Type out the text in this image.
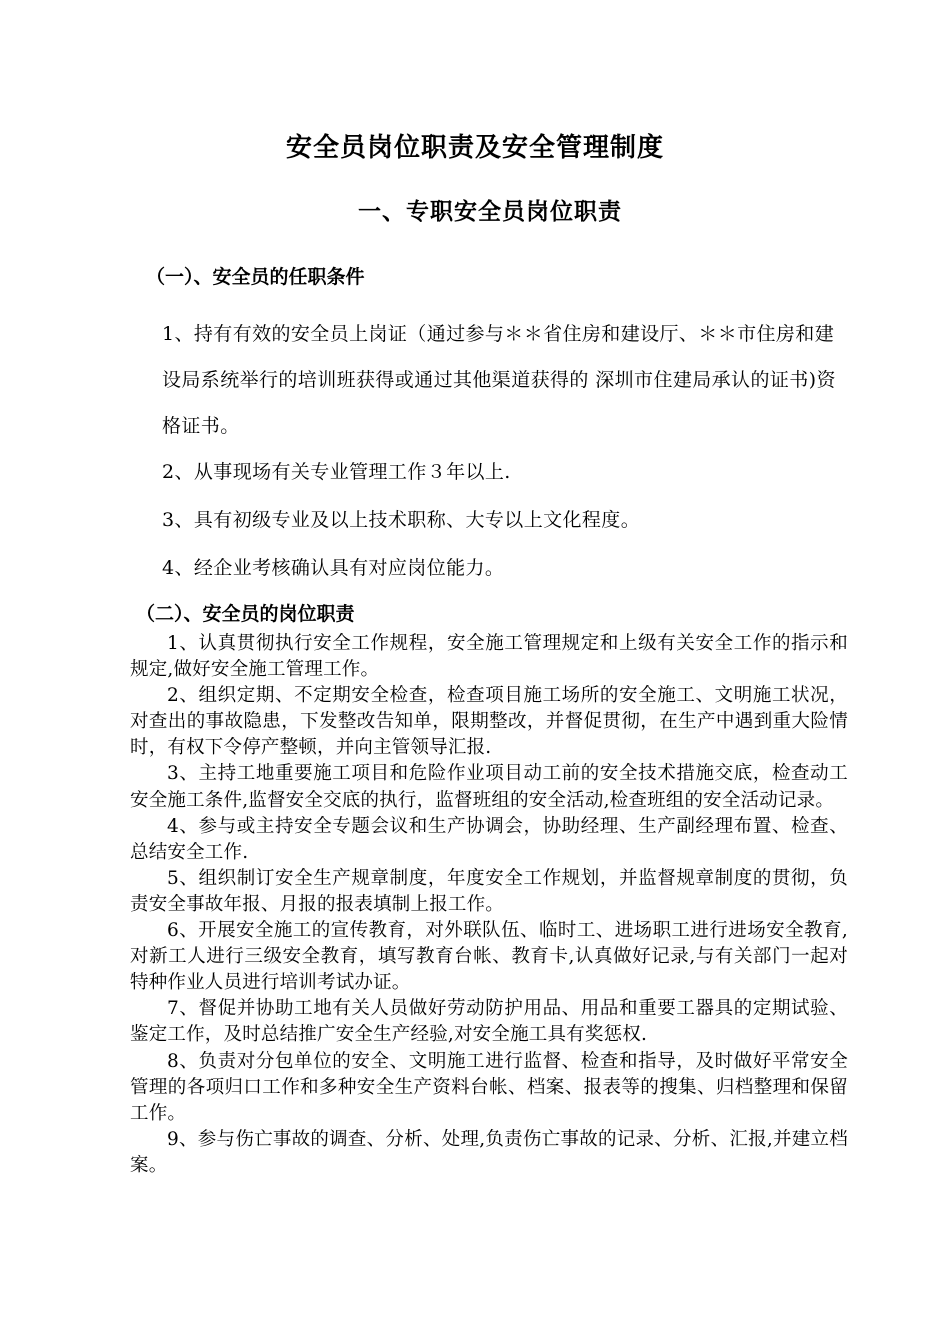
安全员岗位职责及安全管理制度
一、专职安全员岗位职责
（一）、安全员的任职条件
1、持有有效的安全员上岗证（通过参与＊＊省住房和建设厅、＊＊市住房和建设局系统举行的培训班获得或通过其他渠道获得的 深圳市住建局承认的证书)资格证书。
2、从事现场有关专业管理工作３年以上.
3、具有初级专业及以上技术职称、大专以上文化程度。
4、经企业考核确认具有对应岗位能力。
（二）、安全员的岗位职责

1、认真贯彻执行安全工作规程，安全施工管理规定和上级有关安全工作的指示和规定,做好安全施工管理工作。

2、组织定期、不定期安全检查，检查项目施工场所的安全施工、文明施工状况，对查出的事故隐患，下发整改告知单，限期整改，并督促贯彻，在生产中遇到重大险情时，有权下令停产整顿，并向主管领导汇报.

3、主持工地重要施工项目和危险作业项目动工前的安全技术措施交底，检查动工安全施工条件,监督安全交底的执行，监督班组的安全活动,检查班组的安全活动记录。

4、参与或主持安全专题会议和生产协调会，协助经理、生产副经理布置、检查、总结安全工作.

5、组织制订安全生产规章制度，年度安全工作规划，并监督规章制度的贯彻，负责安全事故年报、月报的报表填制上报工作。

6、开展安全施工的宣传教育，对外联队伍、临时工、进场职工进行进场安全教育,对新工人进行三级安全教育，填写教育台帐、教育卡,认真做好记录,与有关部门一起对特种作业人员进行培训考试办证。

7、督促并协助工地有关人员做好劳动防护用品、用品和重要工器具的定期试验、鉴定工作，及时总结推广安全生产经验,对安全施工具有奖惩权.

8、负责对分包单位的安全、文明施工进行监督、检查和指导，及时做好平常安全管理的各项归口工作和多种安全生产资料台帐、档案、报表等的搜集、归档整理和保留工作。

9、参与伤亡事故的调查、分析、处理,负责伤亡事故的记录、分析、汇报,并建立档案。
